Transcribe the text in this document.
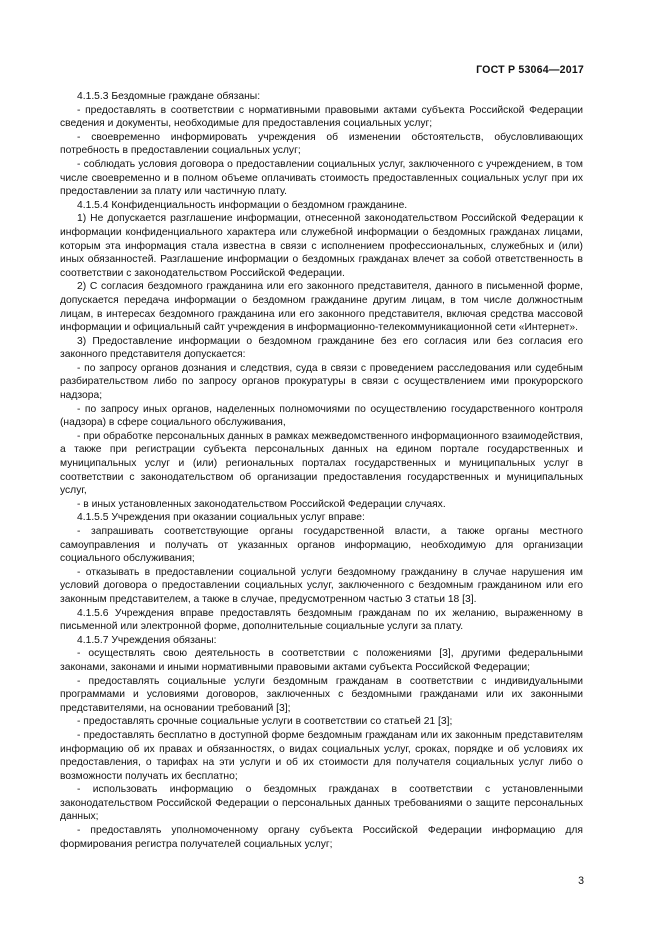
ГОСТ Р 53064—2017

4.1.5.3 Бездомные граждане обязаны:

- предоставлять в соответствии с нормативными правовыми актами субъекта Российской Федерации сведения и документы, необходимые для предоставления социальных услуг;

- своевременно информировать учреждения об изменении обстоятельств, обусловливающих потребность в предоставлении социальных услуг;

- соблюдать условия договора о предоставлении социальных услуг, заключенного с учреждением, в том числе своевременно и в полном объеме оплачивать стоимость предоставленных социальных услуг при их предоставлении за плату или частичную плату.

4.1.5.4 Конфиденциальность информации о бездомном гражданине.

1) Не допускается разглашение информации, отнесенной законодательством Российской Федерации к информации конфиденциального характера или служебной информации о бездомных гражданах лицами, которым эта информация стала известна в связи с исполнением профессиональных, служебных и (или) иных обязанностей. Разглашение информации о бездомных гражданах влечет за собой ответственность в соответствии с законодательством Российской Федерации.

2) С согласия бездомного гражданина или его законного представителя, данного в письменной форме, допускается передача информации о бездомном гражданине другим лицам, в том числе должностным лицам, в интересах бездомного гражданина или его законного представителя, включая средства массовой информации и официальный сайт учреждения в информационно-телекоммуникационной сети «Интернет».

3) Предоставление информации о бездомном гражданине без его согласия или без согласия его законного представителя допускается:

- по запросу органов дознания и следствия, суда в связи с проведением расследования или судебным разбирательством либо по запросу органов прокуратуры в связи с осуществлением ими прокурорского надзора;

- по запросу иных органов, наделенных полномочиями по осуществлению государственного контроля (надзора) в сфере социального обслуживания,

- при обработке персональных данных в рамках межведомственного информационного взаимодействия, а также при регистрации субъекта персональных данных на едином портале государственных и муниципальных услуг и (или) региональных порталах государственных и муниципальных услуг в соответствии с законодательством об организации предоставления государственных и муниципальных услуг,

- в иных установленных законодательством Российской Федерации случаях.

4.1.5.5 Учреждения при оказании социальных услуг вправе:

- запрашивать соответствующие органы государственной власти, а также органы местного самоуправления и получать от указанных органов информацию, необходимую для организации социального обслуживания;

- отказывать в предоставлении социальной услуги бездомному гражданину в случае нарушения им условий договора о предоставлении социальных услуг, заключенного с бездомным гражданином или его законным представителем, а также в случае, предусмотренном частью 3 статьи 18 [3].

4.1.5.6 Учреждения вправе предоставлять бездомным гражданам по их желанию, выраженному в письменной или электронной форме, дополнительные социальные услуги за плату.

4.1.5.7 Учреждения обязаны:

- осуществлять свою деятельность в соответствии с положениями [3], другими федеральными законами, законами и иными нормативными правовыми актами субъекта Российской Федерации;

- предоставлять социальные услуги бездомным гражданам в соответствии с индивидуальными программами и условиями договоров, заключенных с бездомными гражданами или их законными представителями, на основании требований [3];

- предоставлять срочные социальные услуги в соответствии со статьей 21 [3];

- предоставлять бесплатно в доступной форме бездомным гражданам или их законным представителям информацию об их правах и обязанностях, о видах социальных услуг, сроках, порядке и об условиях их предоставления, о тарифах на эти услуги и об их стоимости для получателя социальных услуг либо о возможности получать их бесплатно;

- использовать информацию о бездомных гражданах в соответствии с установленными законодательством Российской Федерации о персональных данных требованиями о защите персональных данных;

- предоставлять уполномоченному органу субъекта Российской Федерации информацию для формирования регистра получателей социальных услуг;

3
